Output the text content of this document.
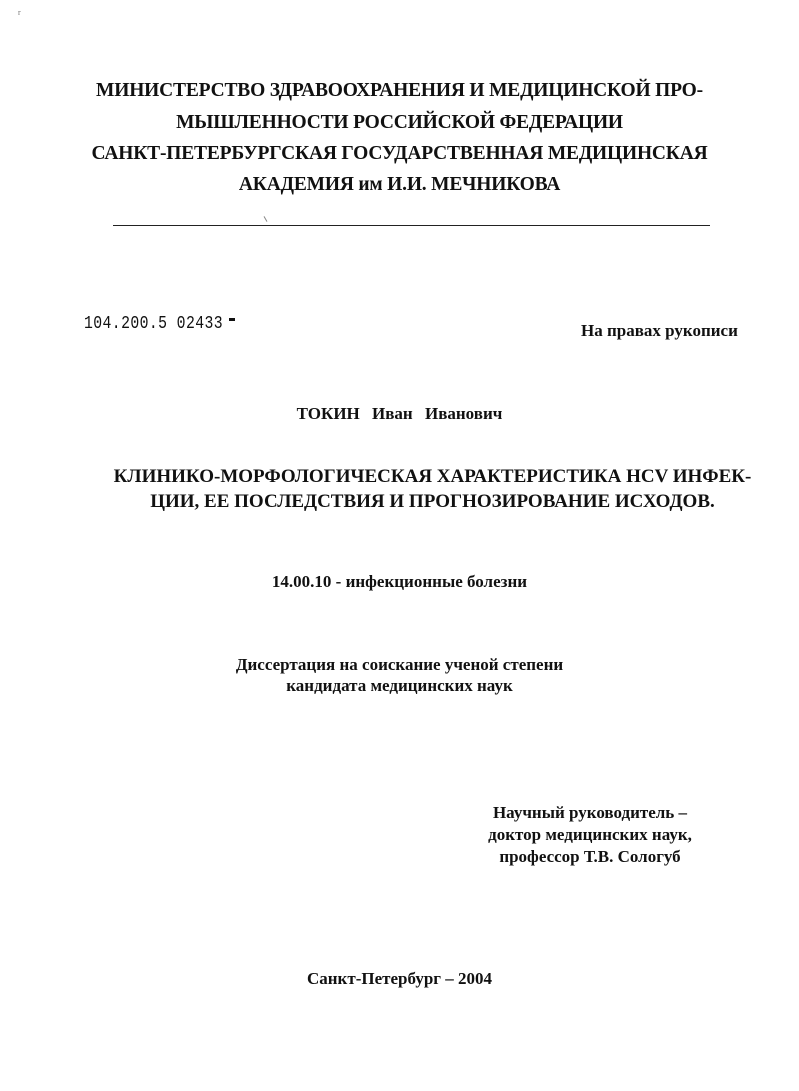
r
МИНИСТЕРСТВО ЗДРАВООХРАНЕНИЯ И МЕДИЦИНСКОЙ ПРО-
МЫШЛЕННОСТИ РОССИЙСКОЙ ФЕДЕРАЦИИ
САНКТ-ПЕТЕРБУРГСКАЯ ГОСУДАРСТВЕННАЯ МЕДИЦИНСКАЯ
АКАДЕМИЯ им И.И. МЕЧНИКОВА
104.200.5 02433	На правах рукописи
ТОКИН Иван Иванович
КЛИНИКО-МОРФОЛОГИЧЕСКАЯ ХАРАКТЕРИСТИКА HCV ИНФЕК-
ЦИИ, ЕЕ ПОСЛЕДСТВИЯ И ПРОГНОЗИРОВАНИЕ ИСХОДОВ.
14.00.10 - инфекционные болезни
Диссертация на соискание ученой степени
кандидата медицинских наук
Научный руководитель –
доктор медицинских наук,
профессор Т.В. Сологуб
Санкт-Петербург – 2004
